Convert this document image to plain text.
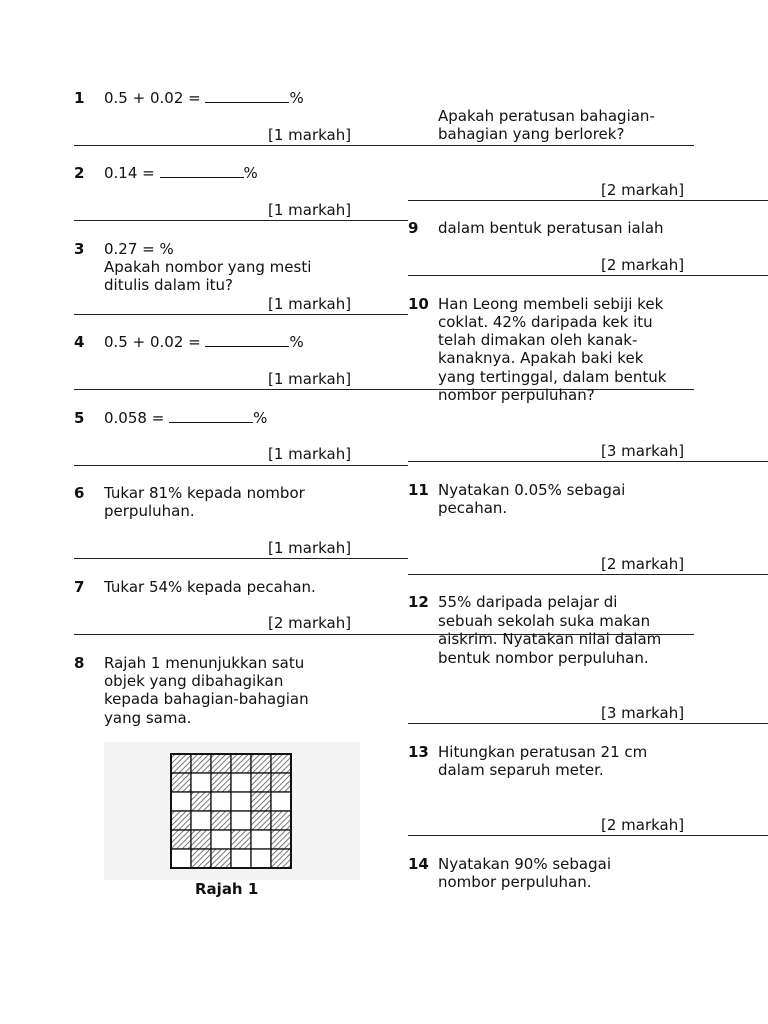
1 0.5 + 0.02 =	%
[1 markah]
2 0.14 =	%
[1 markah]
3 0.27 = %
Apakah nombor yang mesti
ditulis dalam itu?
[1 markah]
4 0.5 + 0.02 =	%
[1 markah]
5 0.058 =	%
[1 markah]
6 Tukar 81% kepada nombor
perpuluhan.
[1 markah]
7 Tukar 54% kepada pecahan.
[2 markah]
8 Rajah 1 menunjukkan satu
objek yang dibahagikan
kepada bahagian-bahagian
yang sama.
Rajah 1
Apakah peratusan bahagian-
bahagian yang berlorek?
[2 markah]
9 dalam bentuk peratusan ialah
[2 markah]
10 Han Leong membeli sebiji kek
coklat. 42% daripada kek itu
telah dimakan oleh kanak-
kanaknya. Apakah baki kek
yang tertinggal, dalam bentuk
nombor perpuluhan?
[3 markah]
11 Nyatakan 0.05% sebagai
pecahan.
[2 markah]
12 55% daripada pelajar di
sebuah sekolah suka makan
aiskrim. Nyatakan nilai dalam
bentuk nombor perpuluhan.
[3 markah]
13 Hitungkan peratusan 21 cm
dalam separuh meter.
[2 markah]
14 Nyatakan 90% sebagai
nombor perpuluhan.
